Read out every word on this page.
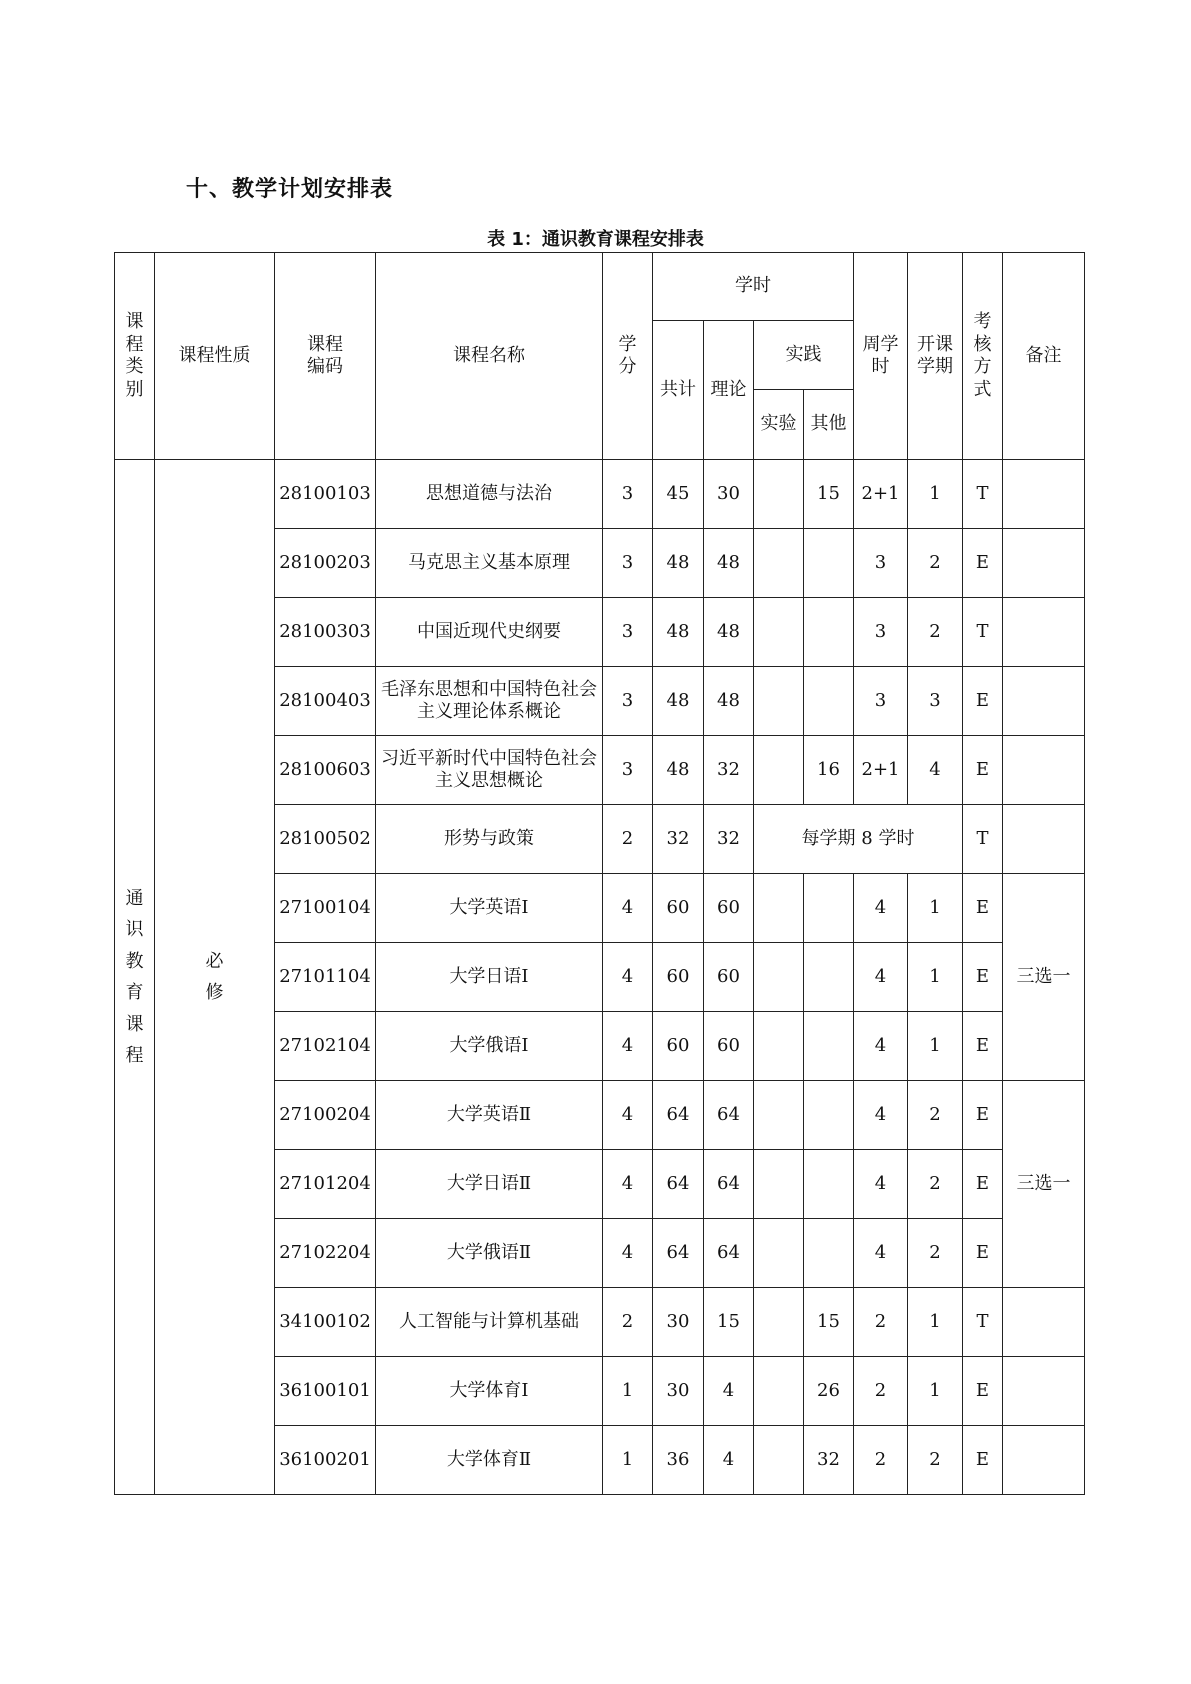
十、教学计划安排表
表 1：通识教育课程安排表
课程类别	课程性质	课程编码	课程名称	学分	学时				周学时	开课学期	考核方式	备注
					共计	理论	实践					
							实验	其他				
通识教育课程	必修	28100103	思想道德与法治	3	45	30		15	2+1	1	T	
		28100203	马克思主义基本原理	3	48	48			3	2	E	
		28100303	中国近现代史纲要	3	48	48			3	2	T	
		28100403	毛泽东思想和中国特色社会主义理论体系概论	3	48	48			3	3	E	
		28100603	习近平新时代中国特色社会主义思想概论	3	48	32		16	2+1	4	E	
		28100502	形势与政策	2	32	32	每学期 8 学时				T	
		27100104	大学英语Ⅰ	4	60	60			4	1	E	三选一
		27101104	大学日语Ⅰ	4	60	60			4	1	E	
		27102104	大学俄语Ⅰ	4	60	60			4	1	E	
		27100204	大学英语Ⅱ	4	64	64			4	2	E	三选一
		27101204	大学日语Ⅱ	4	64	64			4	2	E	
		27102204	大学俄语Ⅱ	4	64	64			4	2	E	
		34100102	人工智能与计算机基础	2	30	15		15	2	1	T	
		36100101	大学体育Ⅰ	1	30	4		26	2	1	E	
		36100201	大学体育Ⅱ	1	36	4		32	2	2	E	
